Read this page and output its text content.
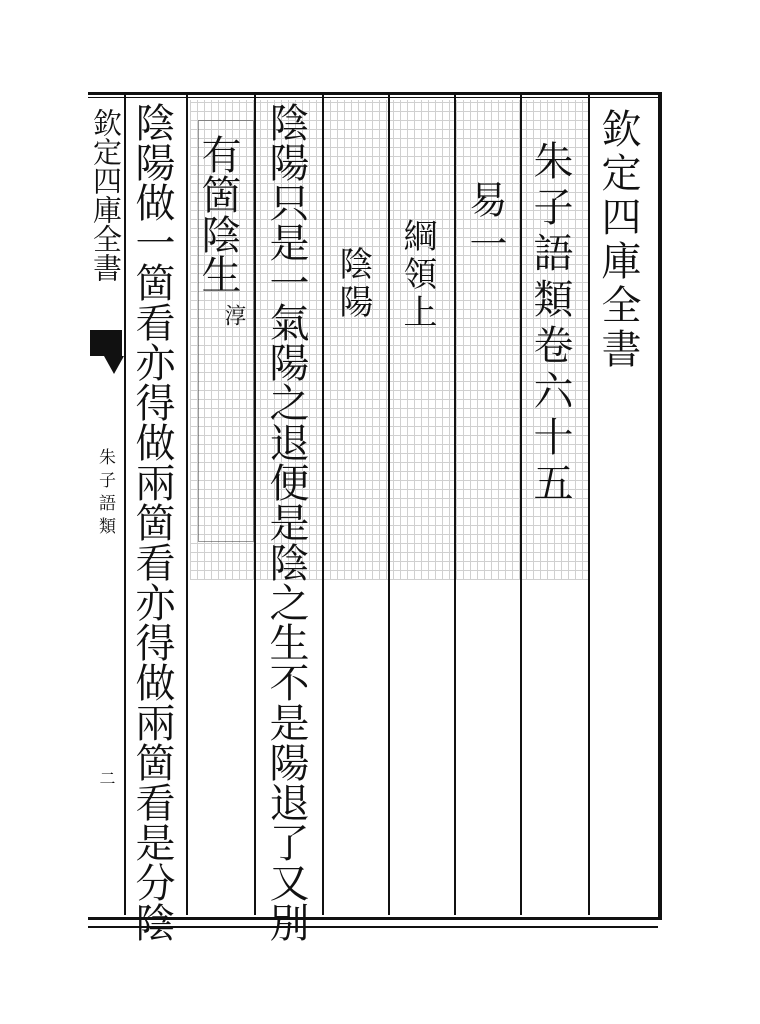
欽定四庫全書
朱子語類
二
欽定四庫全書
朱子語類卷六十五
易一
綱領上
陰陽
陰陽只是一氣陽之退便是陰之生不是陽退了又別
有箇陰生
淳
陰陽做一箇看亦得做兩箇看亦得做兩箇看是分陰
